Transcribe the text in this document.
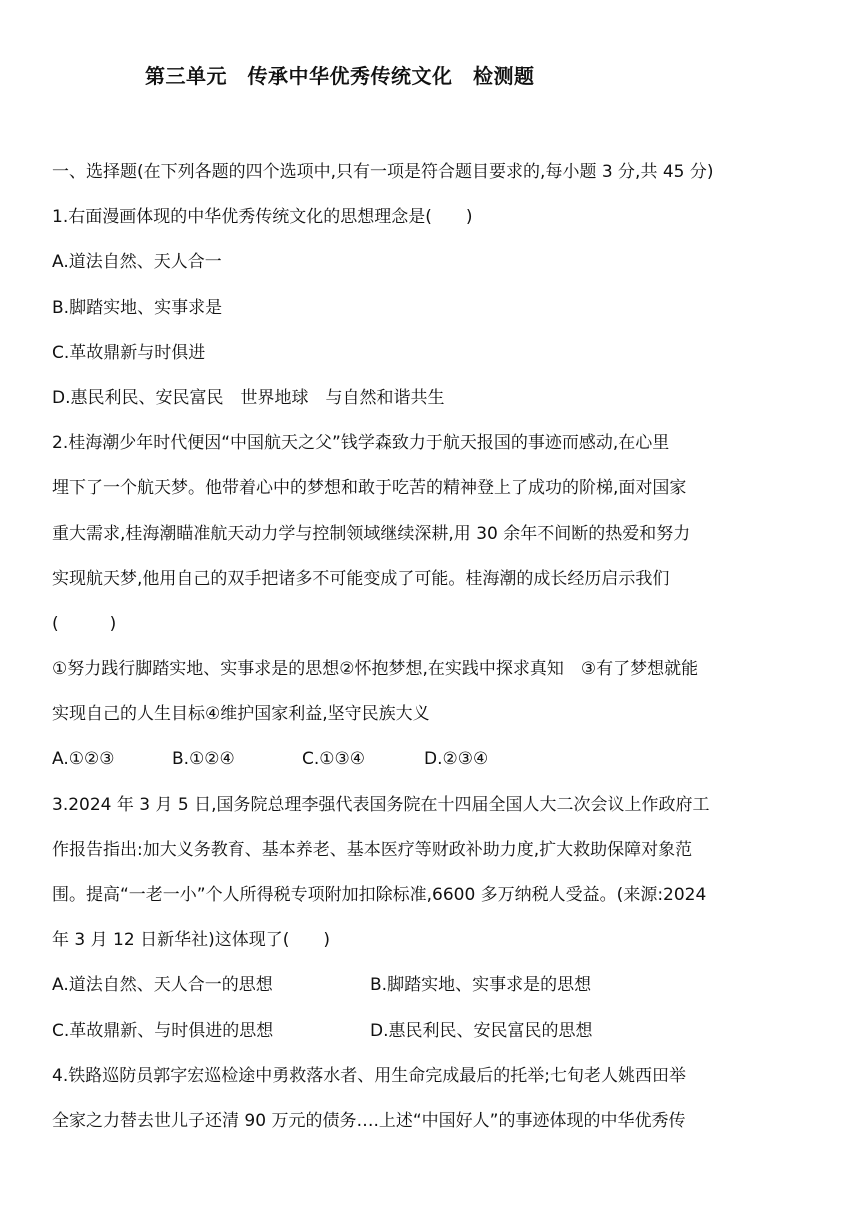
第三单元　传承中华优秀传统文化　检测题
一、选择题(在下列各题的四个选项中,只有一项是符合题目要求的,每小题 3 分,共 45 分)
1.右面漫画体现的中华优秀传统文化的思想理念是(　　)
A.道法自然、天人合一
B.脚踏实地、实事求是
C.革故鼎新与时俱进
D.惠民利民、安民富民　世界地球　与自然和谐共生
2.桂海潮少年时代便因“中国航天之父”钱学森致力于航天报国的事迹而感动,在心里
埋下了一个航天梦。他带着心中的梦想和敢于吃苦的精神登上了成功的阶梯,面对国家
重大需求,桂海潮瞄准航天动力学与控制领域继续深耕,用 30 余年不间断的热爱和努力
实现航天梦,他用自己的双手把诸多不可能变成了可能。桂海潮的成长经历启示我们
(　　　)
①努力践行脚踏实地、实事求是的思想②怀抱梦想,在实践中探求真知　③有了梦想就能
实现自己的人生目标④维护国家利益,坚守民族大义
A.①②③	B.①②④	C.①③④	D.②③④
3.2024 年 3 月 5 日,国务院总理李强代表国务院在十四届全国人大二次会议上作政府工
作报告指出:加大义务教育、基本养老、基本医疗等财政补助力度,扩大救助保障对象范
围。提高“一老一小”个人所得税专项附加扣除标准,6600 多万纳税人受益。(来源:2024
年 3 月 12 日新华社)这体现了(　　)
A.道法自然、天人合一的思想	B.脚踏实地、实事求是的思想
C.革故鼎新、与时俱进的思想	D.惠民利民、安民富民的思想
4.铁路巡防员郭字宏巡检途中勇救落水者、用生命完成最后的托举;七旬老人姚西田举
全家之力替去世儿子还清 90 万元的债务….上述“中国好人”的事迹体现的中华优秀传
